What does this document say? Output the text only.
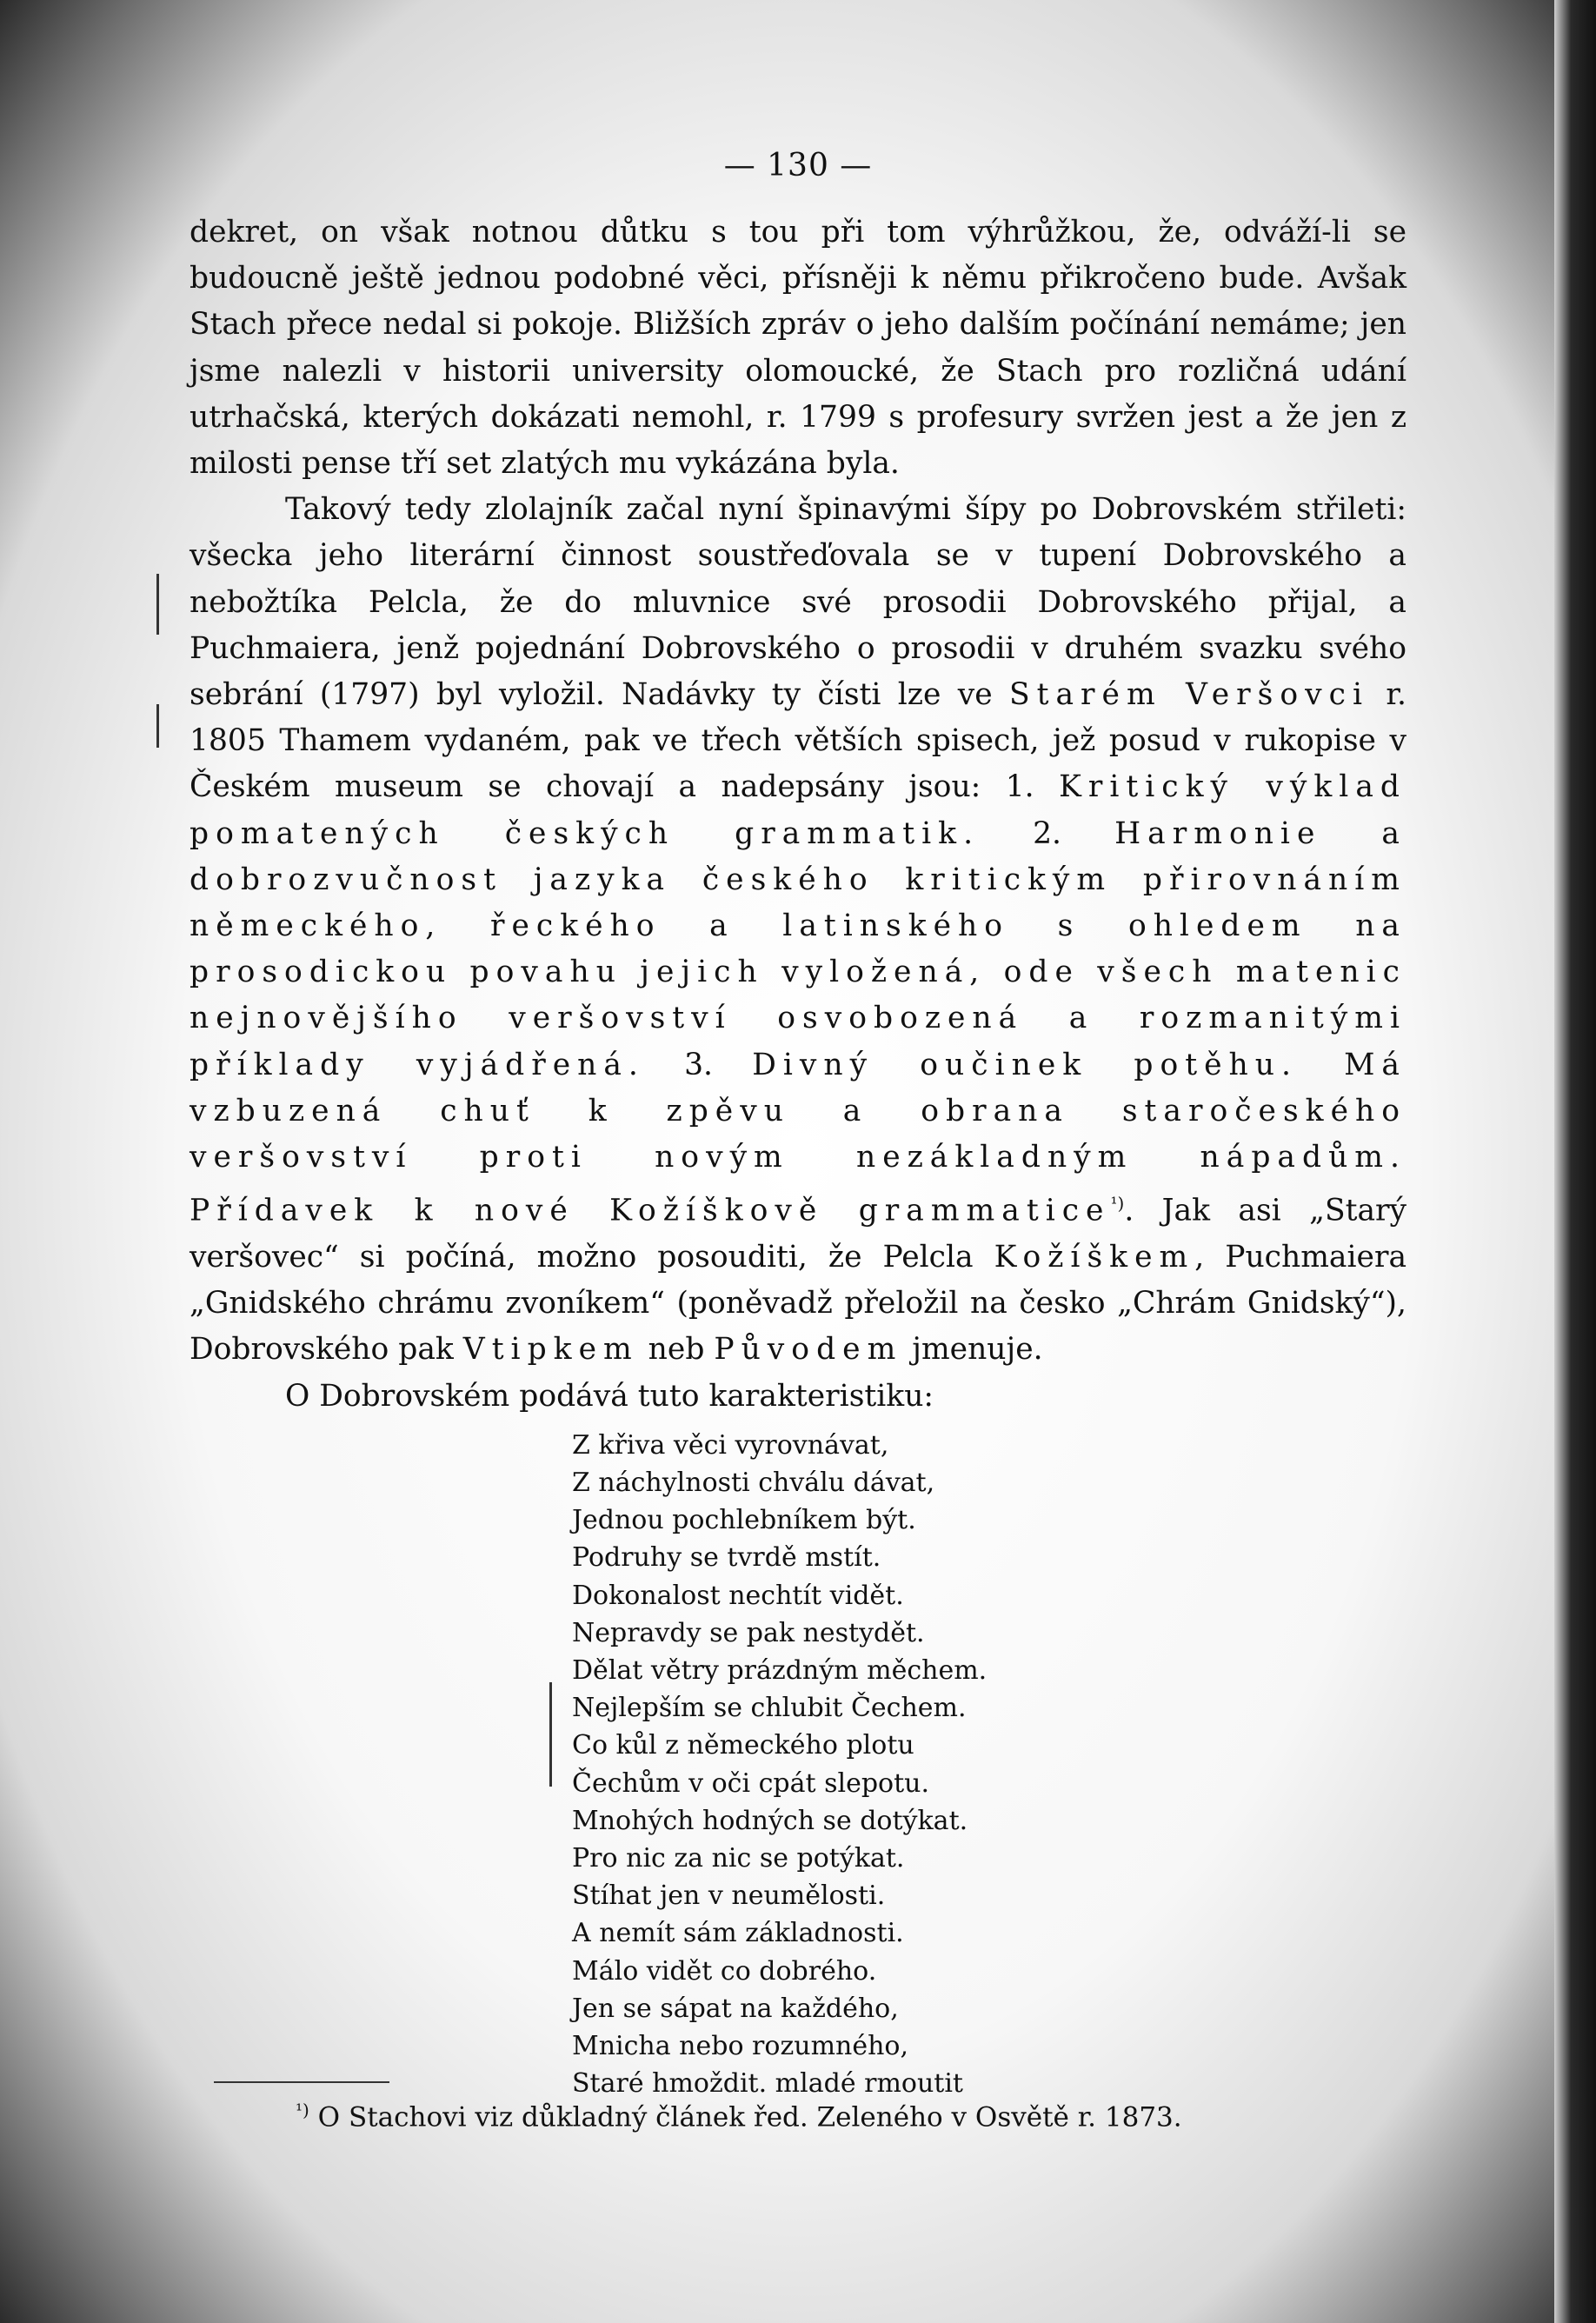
— 130 —

dekret, on však notnou důtku s tou při tom výhrůžkou, že, odváží-li se budoucně ještě jednou podobné věci, přísněji k němu přikročeno bude. Avšak Stach přece nedal si pokoje. Bližších zpráv o jeho dalším počínání nemáme; jen jsme nalezli v historii university olomoucké, že Stach pro rozličná udání utrhačská, kterých dokázati nemohl, r. 1799 s profesury svržen jest a že jen z milosti pense tří set zlatých mu vykázána byla.

Takový tedy zlolajník začal nyní špinavými šípy po Dobrovském střileti: všecka jeho literární činnost soustřeďovala se v tupení Dobrovského a nebožtíka Pelcla, že do mluvnice své prosodii Dobrovského přijal, a Puchmaiera, jenž pojednání Dobrovského o prosodii v druhém svazku svého sebrání (1797) byl vyložil. Nadávky ty čísti lze ve Starém Veršovci r. 1805 Thamem vydaném, pak ve třech větších spisech, jež posud v rukopise v Českém museum se chovají a nadepsány jsou: 1. Kritický výklad pomatených českých grammatik. 2. Harmonie a dobrozvučnost jazyka českého kritickým přirovnáním německého, řeckého a latinského s ohledem na prosodickou povahu jejich vyložená, ode všech matenic nejnovějšího veršovství osvobozená a rozmanitými příklady vyjádřená. 3. Divný oučinek potěhu. Má vzbuzená chuť k zpěvu a obrana staročeského veršovství proti novým nezákladným nápadům. Přídavek k nové Kožíškově grammatice$^{^1)}$. Jak asi „Starý veršovec“ si počíná, možno posouditi, že Pelcla Kožíškem, Puchmaiera „Gnidského chrámu zvoníkem“ (poněvadž přeložil na česko „Chrám Gnidský“), Dobrovského pak Vtipkem neb Původem jmenuje.

O Dobrovském podává tuto karakteristiku:

Z křiva věci vyrovnávat,
Z náchylnosti chválu dávat,
Jednou pochlebníkem být.
Podruhy se tvrdě mstít.
Dokonalost nechtít vidět.
Nepravdy se pak nestydět.
Dělat větry prázdným měchem.
Nejlepším se chlubit Čechem.
Co kůl z německého plotu
Čechům v oči cpát slepotu.
Mnohých hodných se dotýkat.
Pro nic za nic se potýkat.
Stíhat jen v neumělosti.
A nemít sám základnosti.
Málo vidět co dobrého.
Jen se sápat na každého,
Mnicha nebo rozumného,
Staré hmoždit. mladé rmoutit
$^{^1)}$ O Stachovi viz důkladný článek řed. Zeleného v Osvětě r. 1873.
